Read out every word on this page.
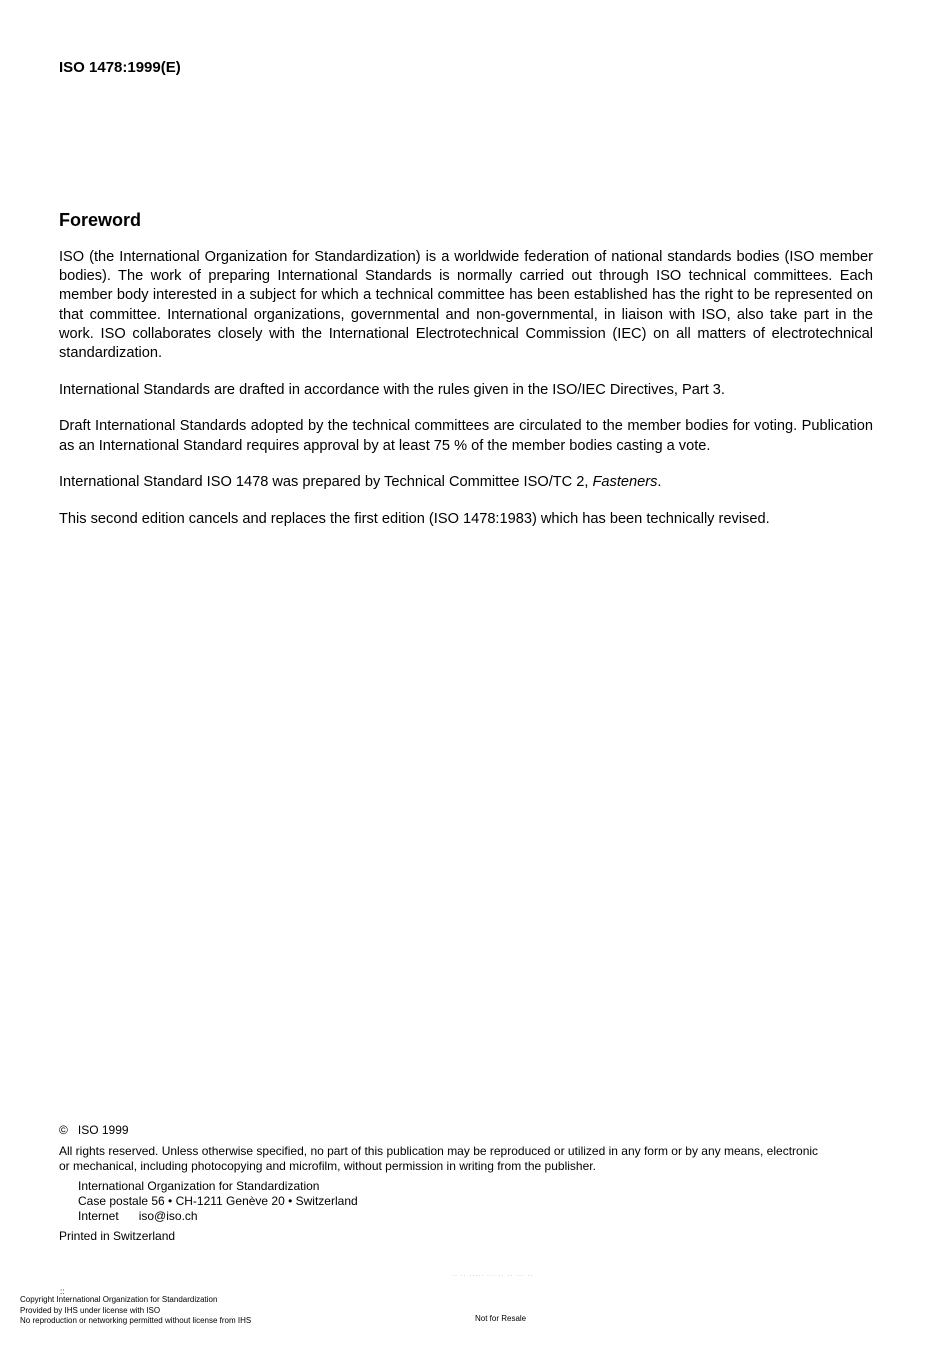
ISO 1478:1999(E)
Foreword

ISO (the International Organization for Standardization) is a worldwide federation of national standards bodies (ISO member bodies). The work of preparing International Standards is normally carried out through ISO technical committees. Each member body interested in a subject for which a technical committee has been established has the right to be represented on that committee. International organizations, governmental and non-governmental, in liaison with ISO, also take part in the work. ISO collaborates closely with the International Electrotechnical Commission (IEC) on all matters of electrotechnical standardization.

International Standards are drafted in accordance with the rules given in the ISO/IEC Directives, Part 3.

Draft International Standards adopted by the technical committees are circulated to the member bodies for voting. Publication as an International Standard requires approval by at least 75 % of the member bodies casting a vote.

International Standard ISO 1478 was prepared by Technical Committee ISO/TC 2, Fasteners.

This second edition cancels and replaces the first edition (ISO 1478:1983) which has been technically revised.

© ISO 1999
All rights reserved. Unless otherwise specified, no part of this publication may be reproduced or utilized in any form or by any means, electronic
or mechanical, including photocopying and microfilm, without permission in writing from the publisher.
International Organization for Standardization
Case postale 56 • CH-1211 Genève 20 • Switzerland
Internet iso@iso.ch
Printed in Switzerland
·· ·· ····· ··· ·· ·· ··· ··
::
Copyright International Organization for Standardization
Provided by IHS under license with ISO
No reproduction or networking permitted without license from IHS	Not for Resale
